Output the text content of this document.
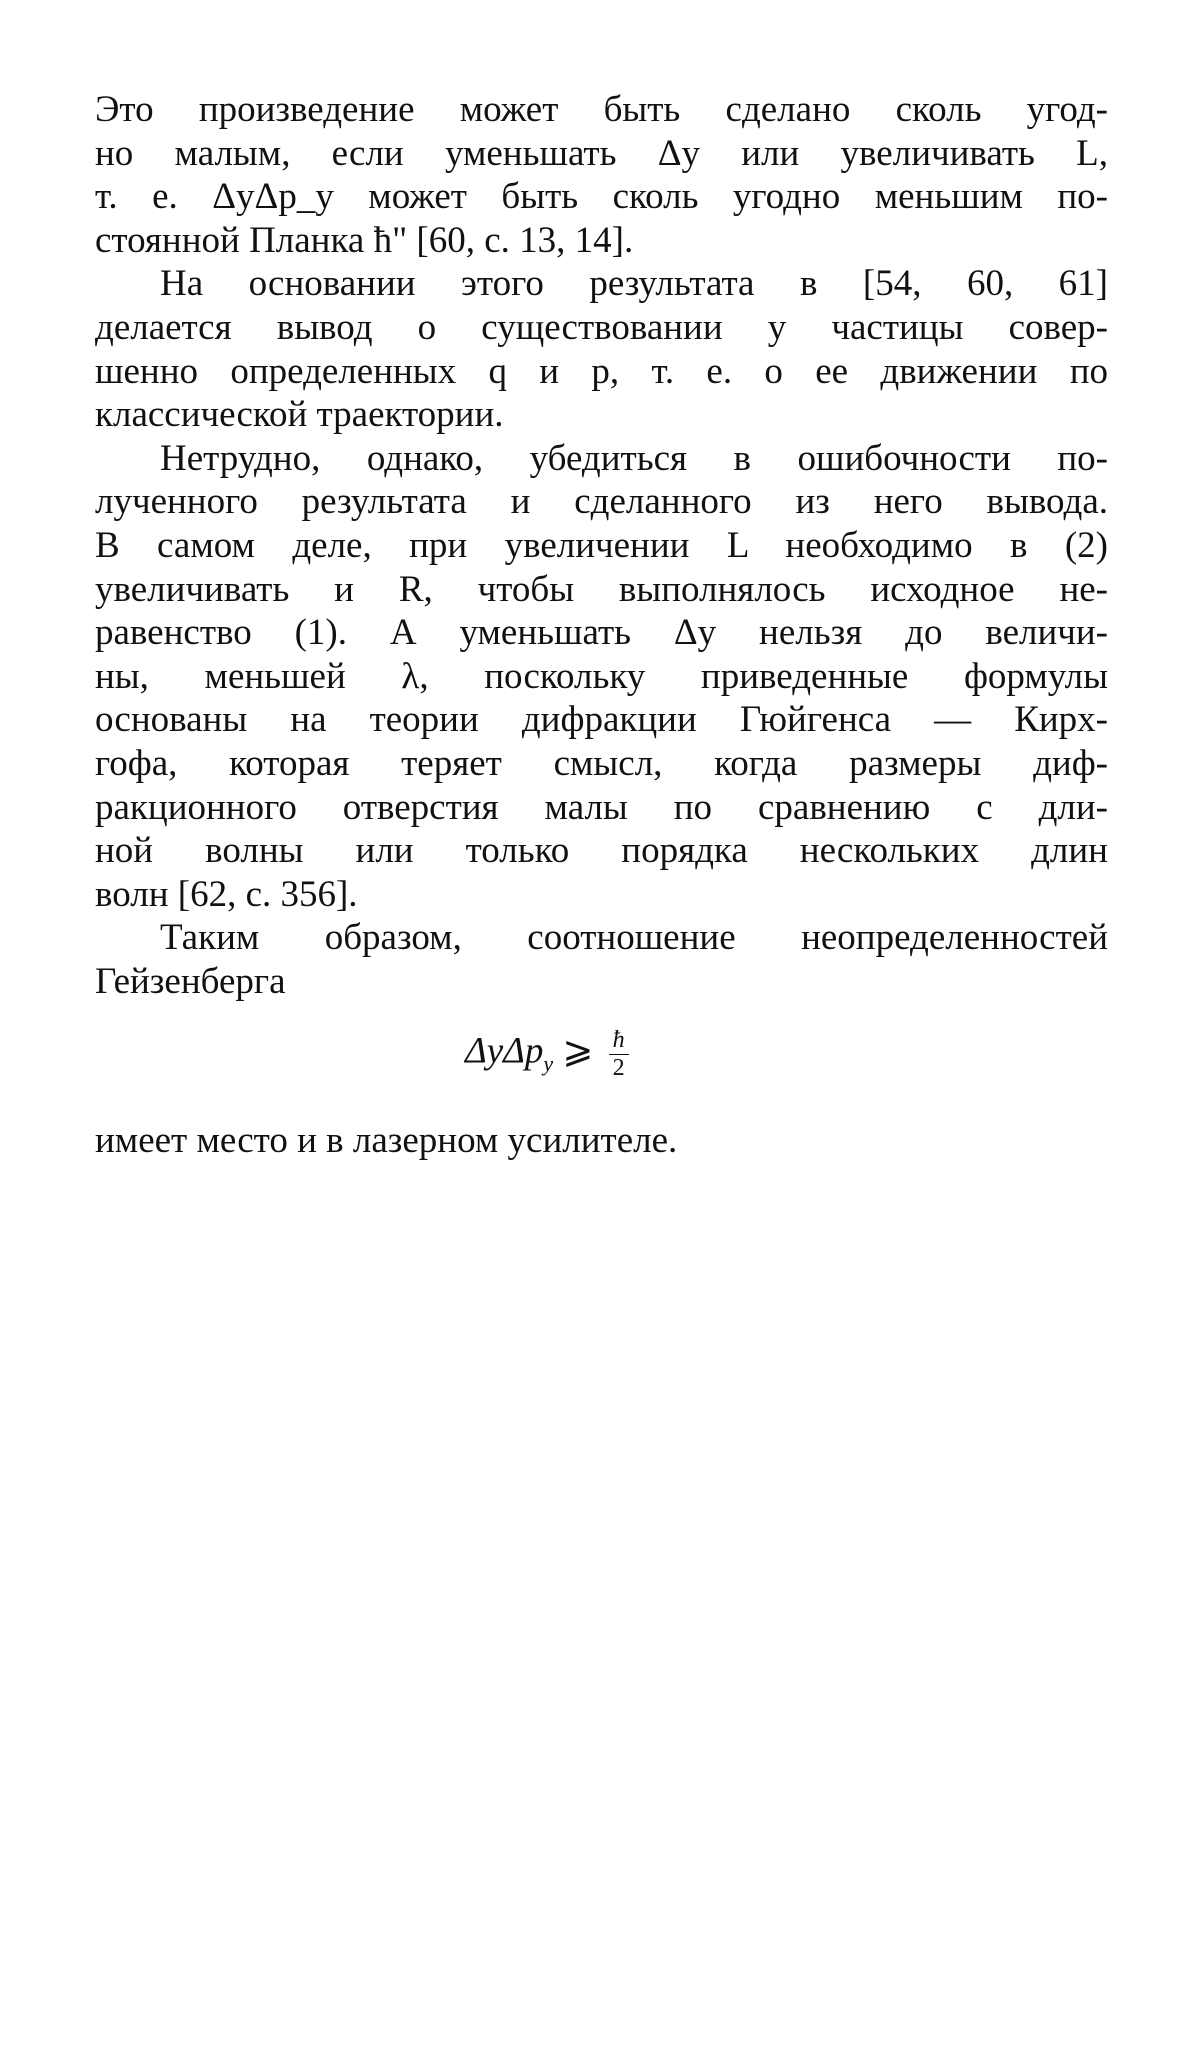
Это произведение может быть сделано сколь угод-
но малым, если уменьшать Δy или увеличивать L,
т. е. ΔyΔp_y может быть сколь угодно меньшим по-
стоянной Планка ħ" [60, с. 13, 14].
На основании этого результата в [54, 60, 61]
делается вывод о существовании у частицы совер-
шенно определенных q и p, т. е. о ее движении по
классической траектории.
Нетрудно, однако, убедиться в ошибочности по-
лученного результата и сделанного из него вывода.
В самом деле, при увеличении L необходимо в (2)
увеличивать и R, чтобы выполнялось исходное не-
равенство (1). А уменьшать Δy нельзя до величи-
ны, меньшей λ, поскольку приведенные формулы
основаны на теории дифракции Гюйгенса — Кирх-
гофа, которая теряет смысл, когда размеры диф-
ракционного отверстия малы по сравнению с дли-
ной волны или только порядка нескольких длин
волн [62, с. 356].
Таким образом, соотношение неопределенностей
Гейзенберга
ΔyΔp$_y$ ⩾ $\frac{ħ}{2}$
имеет место и в лазерном усилителе.
